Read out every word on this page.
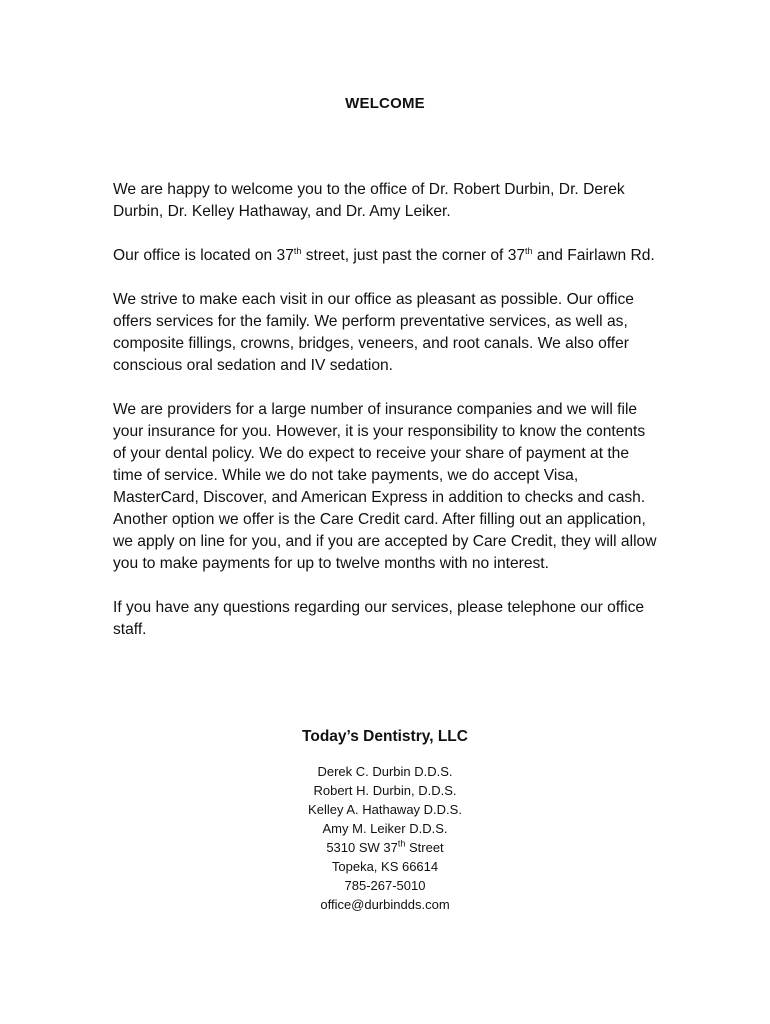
WELCOME

We are happy to welcome you to the office of Dr. Robert Durbin, Dr. Derek Durbin, Dr. Kelley Hathaway, and Dr. Amy Leiker.

Our office is located on 37th street, just past the corner of 37th and Fairlawn Rd.

We strive to make each visit in our office as pleasant as possible. Our office offers services for the family. We perform preventative services, as well as, composite fillings, crowns, bridges, veneers, and root canals. We also offer conscious oral sedation and IV sedation.

We are providers for a large number of insurance companies and we will file your insurance for you. However, it is your responsibility to know the contents of your dental policy. We do expect to receive your share of payment at the time of service. While we do not take payments, we do accept Visa, MasterCard, Discover, and American Express in addition to checks and cash. Another option we offer is the Care Credit card. After filling out an application, we apply on line for you, and if you are accepted by Care Credit, they will allow you to make payments for up to twelve months with no interest.

If you have any questions regarding our services, please telephone our office staff.

Today’s Dentistry, LLC
Derek C. Durbin D.D.S.
Robert H. Durbin, D.D.S.
Kelley A. Hathaway D.D.S.
Amy M. Leiker D.D.S.
5310 SW 37th Street
Topeka, KS 66614
785-267-5010
office@durbindds.com
